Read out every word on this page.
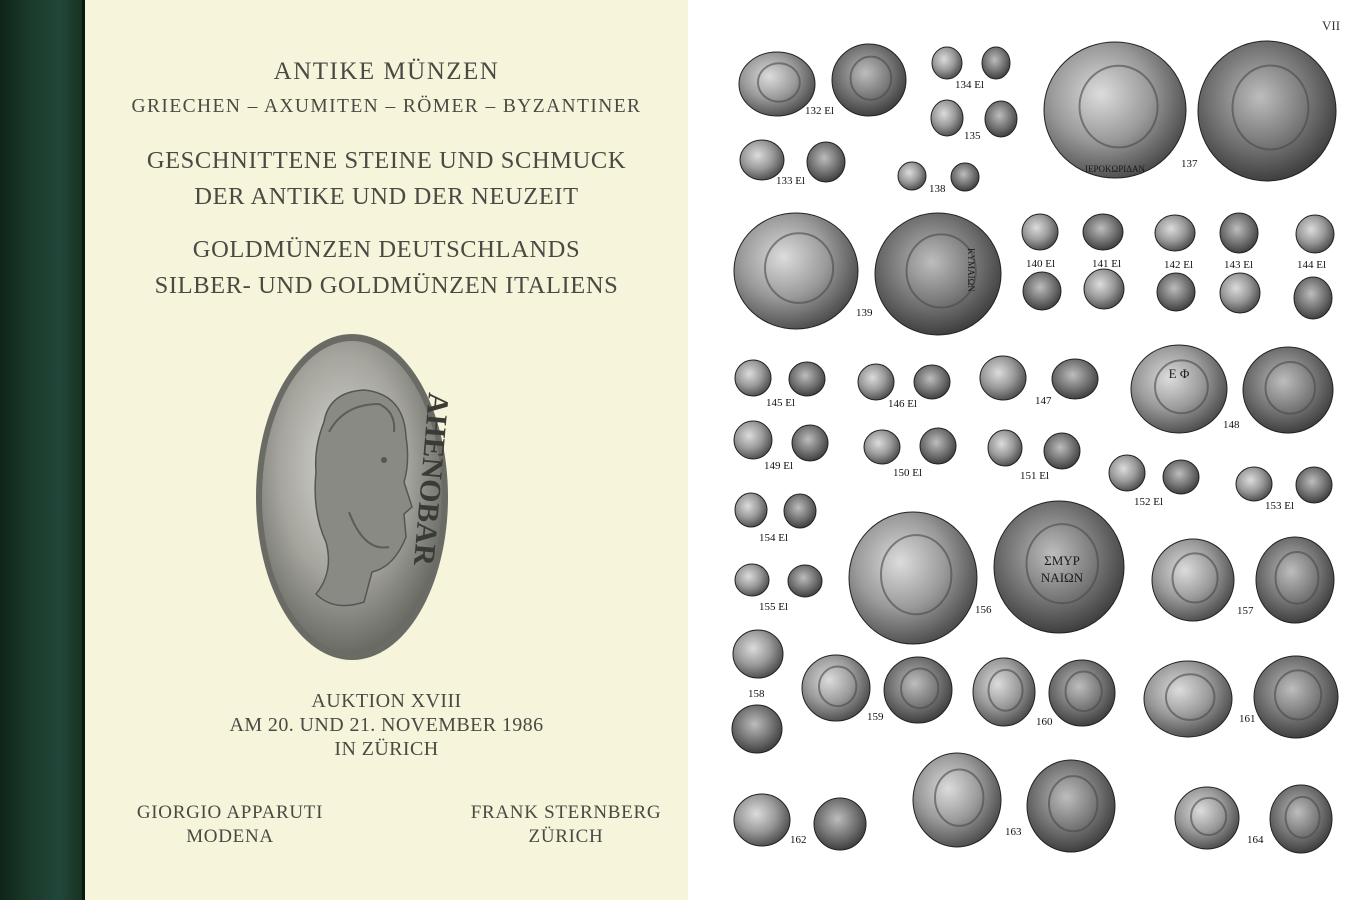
ANTIKE MÜNZEN
GRIECHEN – AXUMITEN – RÖMER – BYZANTINER
GESCHNITTENE STEINE UND SCHMUCK
DER ANTIKE UND DER NEUZEIT
GOLDMÜNZEN DEUTSCHLANDS
SILBER- UND GOLDMÜNZEN ITALIENS
AHENOBAR
AUKTION XVIII
AM 20. UND 21. NOVEMBER 1986
IN ZÜRICH
GIORGIO APPARUTI
MODENA
FRANK STERNBERG
ZÜRICH
VII
ΙΕΡΟΚΩΡΙΔΑΝ
ΚΥΜΑΙΩΝ
Ε Φ
ΣΜΥΡ
ΝΑΙΩΝ
132 El
134 El
135
133 El
138
137
139
140 El	141 El	142 El	143 El	144 El
145 El	146 El	147
148
149 El
150 El	151 El
152 El	153 El
154 El
155 El	156	157
158
159	160	161
162
163
164
